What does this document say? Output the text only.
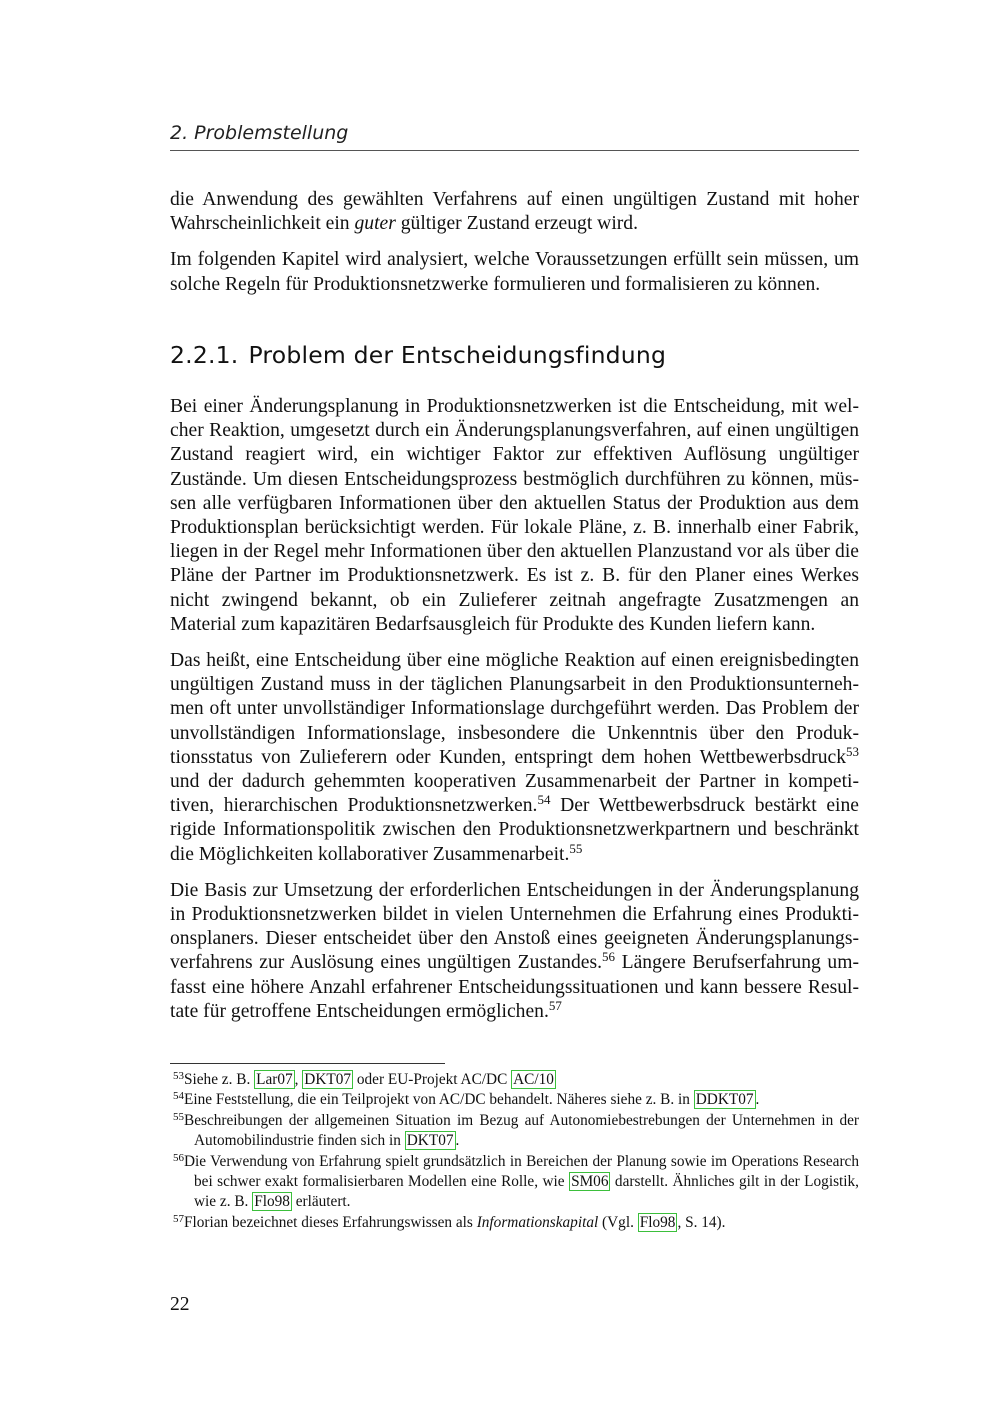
2. Problemstellung

die Anwendung des gewählten Verfahrens auf einen ungültigen Zustand mit hoher Wahrscheinlichkeit ein guter gültiger Zustand erzeugt wird.

Im folgenden Kapitel wird analysiert, welche Voraussetzungen erfüllt sein müssen, um solche Regeln für Produktionsnetzwerke formulieren und formalisieren zu können.

2.2.1. Problem der Entscheidungsfindung

Bei einer Änderungsplanung in Produktionsnetzwerken ist die Entscheidung, mit welcher Reaktion, umgesetzt durch ein Änderungsplanungsverfahren, auf einen ungültigen Zustand reagiert wird, ein wichtiger Faktor zur effektiven Auflösung ungültiger Zustände. Um diesen Entscheidungsprozess bestmöglich durchführen zu können, müssen alle verfügbaren Informationen über den aktuellen Status der Produktion aus dem Produktionsplan berücksichtigt werden. Für lokale Pläne, z. B. innerhalb einer Fabrik, liegen in der Regel mehr Informationen über den aktuellen Planzustand vor als über die Pläne der Partner im Produktionsnetzwerk. Es ist z. B. für den Planer eines Werkes nicht zwingend bekannt, ob ein Zulieferer zeitnah angefragte Zusatzmengen an Material zum kapazitären Bedarfsausgleich für Produkte des Kunden liefern kann.

Das heißt, eine Entscheidung über eine mögliche Reaktion auf einen ereignisbedingten ungültigen Zustand muss in der täglichen Planungsarbeit in den Produktionsunternehmen oft unter unvollständiger Informationslage durchgeführt werden. Das Problem der unvollständigen Informationslage, insbesondere die Unkenntnis über den Produktionsstatus von Zulieferern oder Kunden, entspringt dem hohen Wettbewerbsdruck$^{53}$ und der dadurch gehemmten kooperativen Zusammenarbeit der Partner in kompetitiven, hierarchischen Produktionsnetzwerken.$^{54}$ Der Wettbewerbsdruck bestärkt eine rigide Informationspolitik zwischen den Produktionsnetzwerkpartnern und beschränkt die Möglichkeiten kollaborativer Zusammenarbeit.$^{55}$

Die Basis zur Umsetzung der erforderlichen Entscheidungen in der Änderungsplanung in Produktionsnetzwerken bildet in vielen Unternehmen die Erfahrung eines Produktionsplaners. Dieser entscheidet über den Anstoß eines geeigneten Änderungsplanungsverfahrens zur Auslösung eines ungültigen Zustandes.$^{56}$ Längere Berufserfahrung umfasst eine höhere Anzahl erfahrener Entscheidungssituationen und kann bessere Resultate für getroffene Entscheidungen ermöglichen.$^{57}$

$^{53}$Siehe z. B. Lar07 , DKT07 oder EU-Projekt AC/DC AC/10

$^{54}$Eine Feststellung, die ein Teilprojekt von AC/DC behandelt. Näheres siehe z. B. in DDKT07 .

$^{55}$Beschreibungen der allgemeinen Situation im Bezug auf Autonomiebestrebungen der Unternehmen in der Automobilindustrie finden sich in DKT07 .

$^{56}$Die Verwendung von Erfahrung spielt grundsätzlich in Bereichen der Planung sowie im Operations Research bei schwer exakt formalisierbaren Modellen eine Rolle, wie SM06 darstellt. Ähnliches gilt in der Logistik, wie z. B. Flo98 erläutert.

$^{57}$Florian bezeichnet dieses Erfahrungswissen als Informationskapital (Vgl. Flo98 , S. 14).

22
